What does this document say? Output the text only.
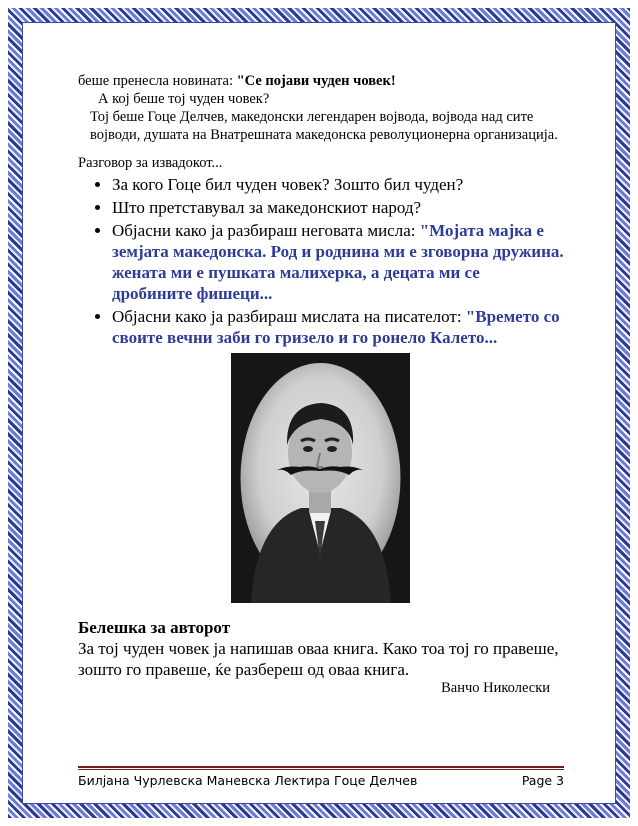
беше пренесла новината: "Се појави чуден човек!

А кој беше тој чуден човек?

Тој беше Гоце Делчев, македонски легендарен војвода, војвода над сите војводи, душата на Внатрешната македонска револуционерна организација.

Разговор за извадокот...

• За кого Гоце бил чуден човек? Зошто бил чуден?
• Што претставувал за македонскиот народ?
• Објасни како ја разбираш неговата мисла: "Мојата мајка е земјата македонска. Род и роднина ми е зговорна дружина. жената ми е пушката малихерка, а децата ми се дробините фишеци...
• Објасни како ја разбираш мислата на писателот: "Времето со своите вечни заби го гризело и го ронело Калето...
Белешка за авторот
За тој чуден човек ја напишав оваа книга. Како тоа тој го правеше, зошто го правеше, ќе разбереш од оваа книга.
Ванчо Николески
Билјана Чурлевска Маневска Лектира Гоце Делчев	Page 3
